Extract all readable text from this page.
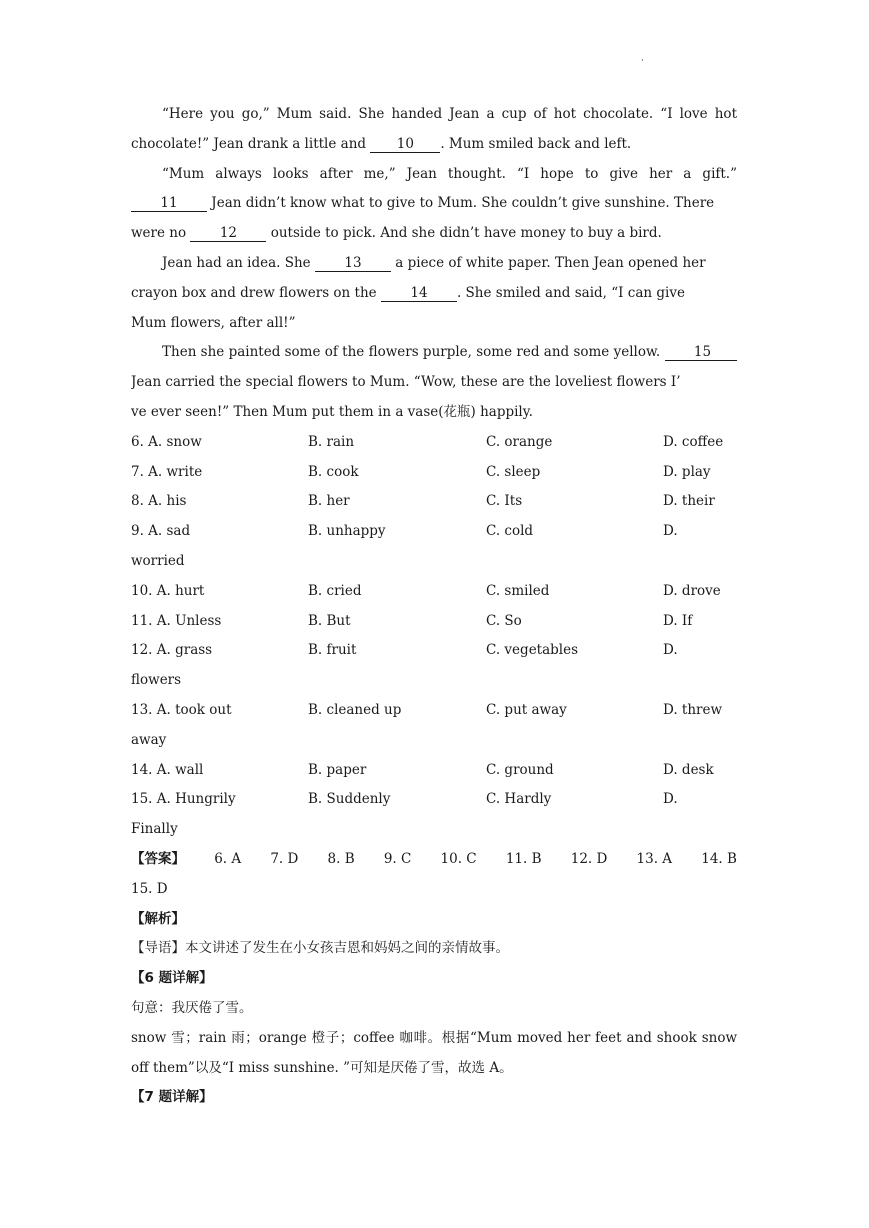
·
“Here you go,” Mum said. She handed Jean a cup of hot chocolate. “I love hot
chocolate!” Jean drank a little and 10 . Mum smiled back and left.
“Mum always looks after me,” Jean thought. “I hope to give her a gift.”
11 Jean didn’t know what to give to Mum. She couldn’t give sunshine. There
were no 12 outside to pick. And she didn’t have money to buy a bird.
Jean had an idea. She 13 a piece of white paper. Then Jean opened her
crayon box and drew flowers on the 14 . She smiled and said, “I can give
Mum flowers, after all!”
Then she painted some of the flowers purple, some red and some yellow. 15
Jean carried the special flowers to Mum. “Wow, these are the loveliest flowers I’
ve ever seen!” Then Mum put them in a vase(花瓶) happily.
6. A. snow	B. rain	C. orange	D. coffee
7. A. write	B. cook	C. sleep	D. play
8. A. his	B. her	C. Its	D. their
9. A. sad	B. unhappy	C. cold	D.
worried
10. A. hurt	B. cried	C. smiled	D. drove
11. A. Unless	B. But	C. So	D. If
12. A. grass	B. fruit	C. vegetables	D.
flowers
13. A. took out	B. cleaned up	C. put away	D. threw
away
14. A. wall	B. paper	C. ground	D. desk
15. A. Hungrily	B. Suddenly	C. Hardly	D.
Finally
【答案】 6. A 7. D 8. B 9. C 10. C 11. B 12. D 13. A 14. B
15. D
【解析】
【导语】本文讲述了发生在小女孩吉恩和妈妈之间的亲情故事。
【6 题详解】
句意：我厌倦了雪。
snow 雪；rain 雨；orange 橙子；coffee 咖啡。根据“Mum moved her feet and shook snow
off them”以及“I miss sunshine. ”可知是厌倦了雪，故选 A。
【7 题详解】
